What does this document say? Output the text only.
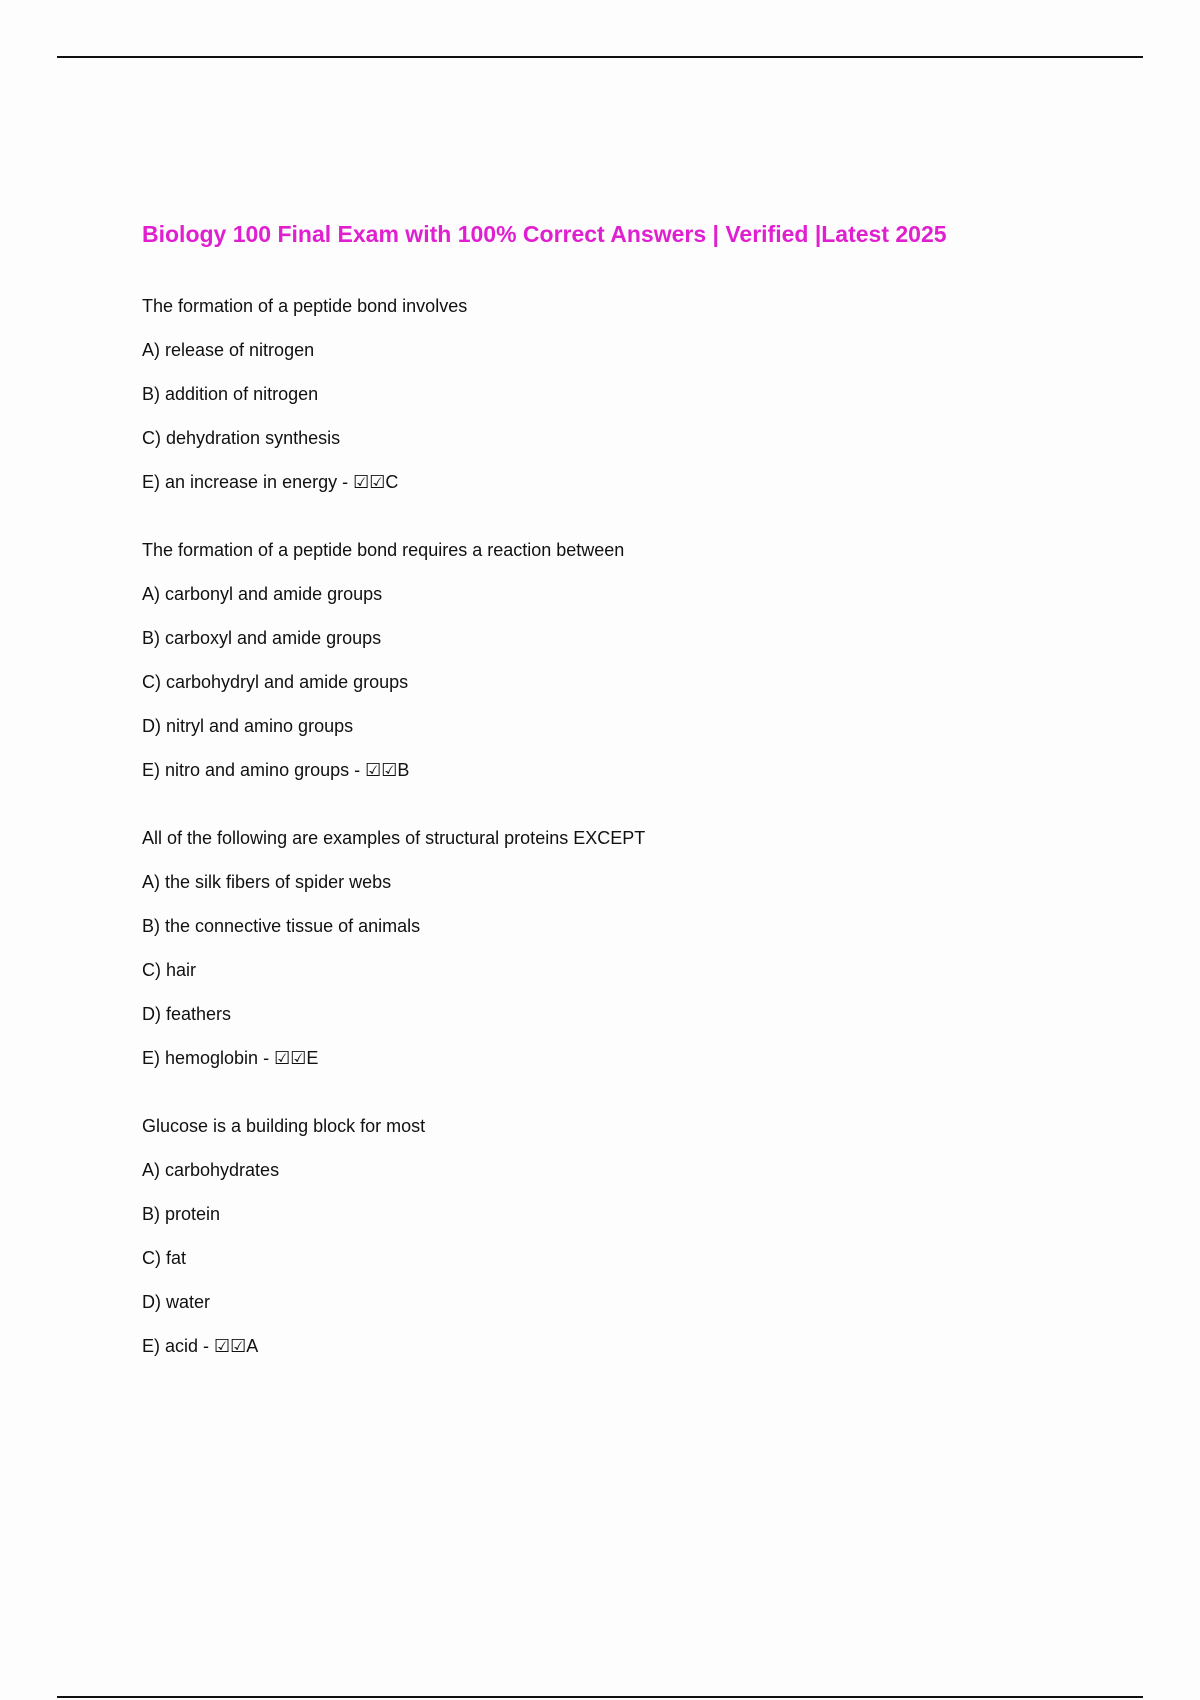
Biology 100 Final Exam with 100% Correct Answers | Verified |Latest 2025
The formation of a peptide bond involves
A) release of nitrogen
B) addition of nitrogen
C) dehydration synthesis
E) an increase in energy - ☑☑C
The formation of a peptide bond requires a reaction between
A) carbonyl and amide groups
B) carboxyl and amide groups
C) carbohydryl and amide groups
D) nitryl and amino groups
E) nitro and amino groups - ☑☑B
All of the following are examples of structural proteins EXCEPT
A) the silk fibers of spider webs
B) the connective tissue of animals
C) hair
D) feathers
E) hemoglobin - ☑☑E
Glucose is a building block for most
A) carbohydrates
B) protein
C) fat
D) water
E) acid - ☑☑A
